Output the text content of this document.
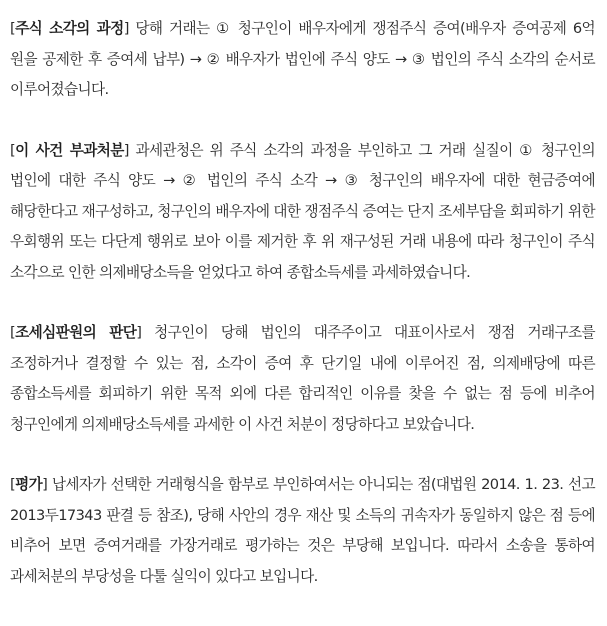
[주식 소각의 과정] 당해 거래는 ① 청구인이 배우자에게 쟁점주식 증여(배우자 증여공제 6억 원을 공제한 후 증여세 납부) → ② 배우자가 법인에 주식 양도 → ③ 법인의 주식 소각의 순서로 이루어졌습니다.

[이 사건 부과처분] 과세관청은 위 주식 소각의 과정을 부인하고 그 거래 실질이 ① 청구인의 법인에 대한 주식 양도 → ② 법인의 주식 소각 → ③ 청구인의 배우자에 대한 현금증여에 해당한다고 재구성하고, 청구인의 배우자에 대한 쟁점주식 증여는 단지 조세부담을 회피하기 위한 우회행위 또는 다단계 행위로 보아 이를 제거한 후 위 재구성된 거래 내용에 따라 청구인이 주식 소각으로 인한 의제배당소득을 얻었다고 하여 종합소득세를 과세하였습니다.

[조세심판원의 판단] 청구인이 당해 법인의 대주주이고 대표이사로서 쟁점 거래구조를 조정하거나 결정할 수 있는 점, 소각이 증여 후 단기일 내에 이루어진 점, 의제배당에 따른 종합소득세를 회피하기 위한 목적 외에 다른 합리적인 이유를 찾을 수 없는 점 등에 비추어 청구인에게 의제배당소득세를 과세한 이 사건 처분이 정당하다고 보았습니다.

[평가] 납세자가 선택한 거래형식을 함부로 부인하여서는 아니되는 점(대법원 2014. 1. 23. 선고 2013두17343 판결 등 참조), 당해 사안의 경우 재산 및 소득의 귀속자가 동일하지 않은 점 등에 비추어 보면 증여거래를 가장거래로 평가하는 것은 부당해 보입니다. 따라서 소송을 통하여 과세처분의 부당성을 다툴 실익이 있다고 보입니다.
